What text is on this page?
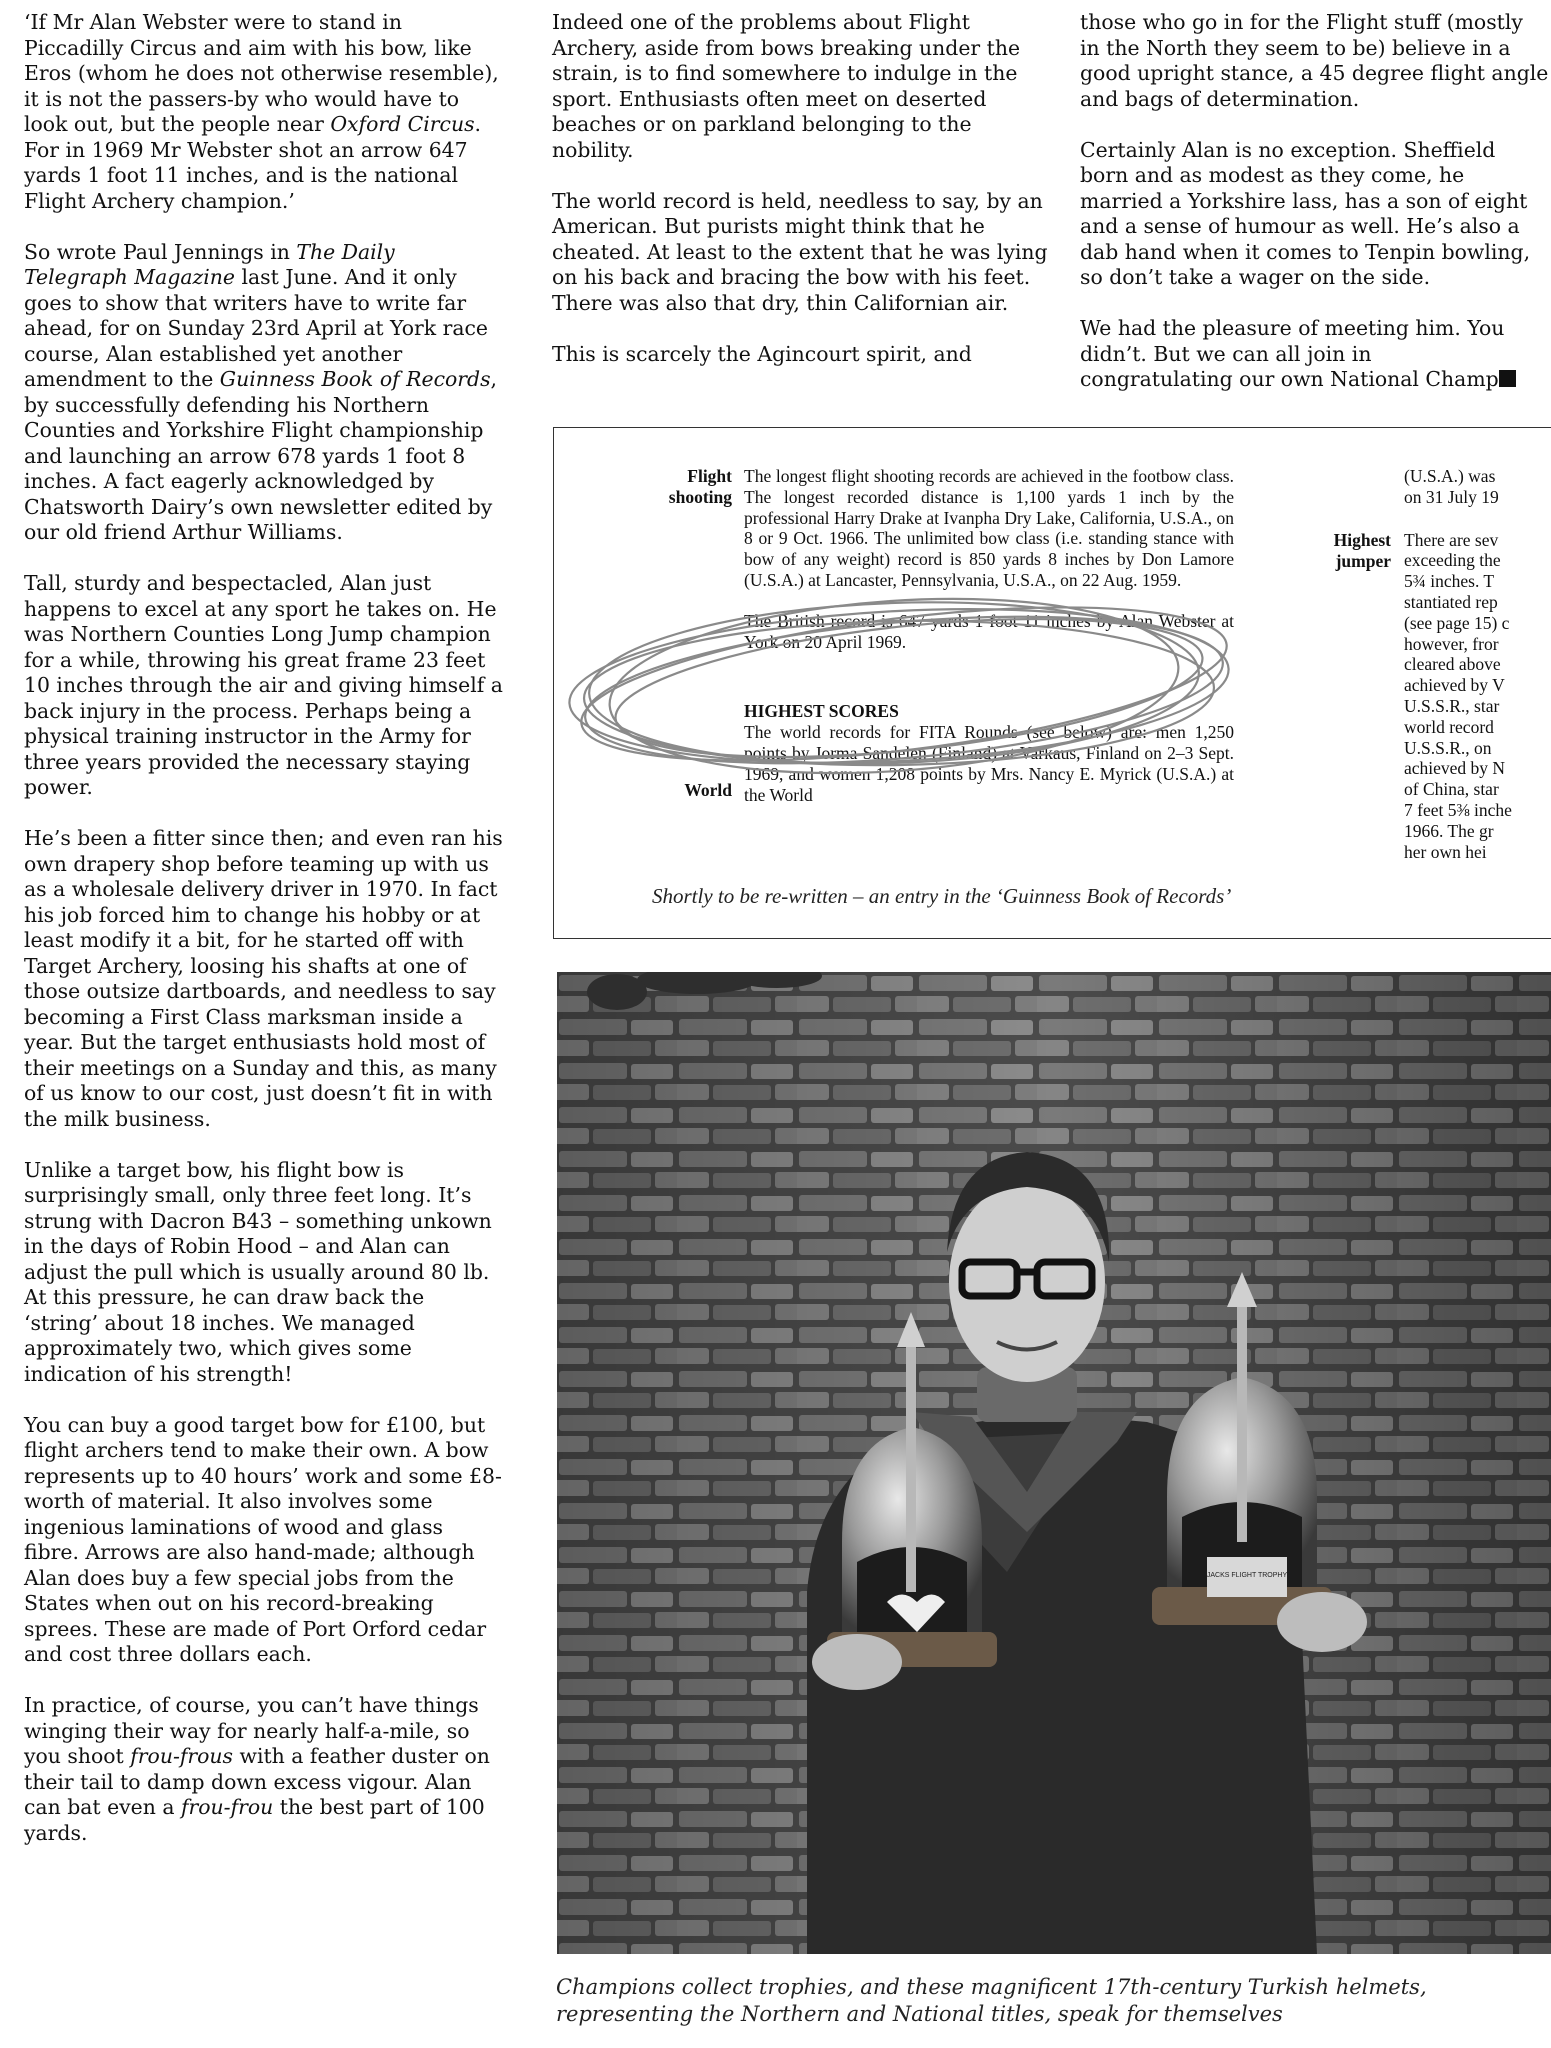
‘If Mr Alan Webster were to stand in Piccadilly Circus and aim with his bow, like Eros (whom he does not otherwise resemble), it is not the passers-by who would have to look out, but the people near Oxford Circus. For in 1969 Mr Webster shot an arrow 647 yards 1 foot 11 inches, and is the national Flight Archery champion.’

So wrote Paul Jennings in The Daily Telegraph Magazine last June. And it only goes to show that writers have to write far ahead, for on Sunday 23rd April at York race course, Alan established yet another amendment to the Guinness Book of Records, by successfully defending his Northern Counties and Yorkshire Flight championship and launching an arrow 678 yards 1 foot 8 inches. A fact eagerly acknowledged by Chatsworth Dairy’s own newsletter edited by our old friend Arthur Williams.

Tall, sturdy and bespectacled, Alan just happens to excel at any sport he takes on. He was Northern Counties Long Jump champion for a while, throwing his great frame 23 feet 10 inches through the air and giving himself a back injury in the process. Perhaps being a physical training instructor in the Army for three years provided the necessary staying power.

He’s been a fitter since then; and even ran his own drapery shop before teaming up with us as a wholesale delivery driver in 1970. In fact his job forced him to change his hobby or at least modify it a bit, for he started off with Target Archery, loosing his shafts at one of those outsize dartboards, and needless to say becoming a First Class marksman inside a year. But the target enthusiasts hold most of their meetings on a Sunday and this, as many of us know to our cost, just doesn’t fit in with the milk business.

Unlike a target bow, his flight bow is surprisingly small, only three feet long. It’s strung with Dacron B43 – something unkown in the days of Robin Hood – and Alan can adjust the pull which is usually around 80 lb. At this pressure, he can draw back the ‘string’ about 18 inches. We managed approximately two, which gives some indication of his strength!

You can buy a good target bow for £100, but flight archers tend to make their own. A bow represents up to 40 hours’ work and some £8-worth of material. It also involves some ingenious laminations of wood and glass fibre. Arrows are also hand-made; although Alan does buy a few special jobs from the States when out on his record-breaking sprees. These are made of Port Orford cedar and cost three dollars each.

In practice, of course, you can’t have things winging their way for nearly half-a-mile, so you shoot frou-frous with a feather duster on their tail to damp down excess vigour. Alan can bat even a frou-frou the best part of 100 yards.

Indeed one of the problems about Flight Archery, aside from bows breaking under the strain, is to find somewhere to indulge in the sport. Enthusiasts often meet on deserted beaches or on parkland belonging to the nobility.

The world record is held, needless to say, by an American. But purists might think that he cheated. At least to the extent that he was lying on his back and bracing the bow with his feet. There was also that dry, thin Californian air.

This is scarcely the Agincourt spirit, and

those who go in for the Flight stuff (mostly
in the North they seem to be) believe in a
good upright stance, a 45 degree flight angle
and bags of determination.

Certainly Alan is no exception. Sheffield
born and as modest as they come, he
married a Yorkshire lass, has a son of eight
and a sense of humour as well. He’s also a
dab hand when it comes to Tenpin bowling,
so don’t take a wager on the side.

We had the pleasure of meeting him. You
didn’t. But we can all join in
congratulating our own National Champ

Flight
shooting

The longest flight shooting records are achieved in the footbow class. The longest recorded distance is 1,100 yards 1 inch by the professional Harry Drake at Ivanpha Dry Lake, California, U.S.A., on 8 or 9 Oct. 1966. The unlimited bow class (i.e. standing stance with bow of any weight) record is 850 yards 8 inches by Don Lamore (U.S.A.) at Lancaster, Pennsylvania, U.S.A., on 22 Aug. 1959.

The British record is 647 yards 1 foot 11 inches by Alan Webster at York on 20 April 1969.

HIGHEST SCORES

The world records for FITA Rounds (see below) are: men 1,250 points by Jorma Sandelen (Finland) at Varkaus, Finland on 2–3 Sept. 1969, and women 1,208 points by Mrs. Nancy E. Myrick (U.S.A.) at the World

World
Highest
jumper
(U.S.A.) was
on 31 July 19
There are sev
exceeding the
5¾ inches. T
stantiated rep
(see page 15) c
however, fror
cleared above
achieved by V
U.S.S.R., star
world record
U.S.S.R., on
achieved by N
of China, star
7 feet 5⅜ inche
1966. The gr
her own hei
Shortly to be re-written – an entry in the ‘Guinness Book of Records’
JACKS FLIGHT TROPHY
Champions collect trophies, and these magnificent 17th-century Turkish helmets, representing the Northern and National titles, speak for themselves
